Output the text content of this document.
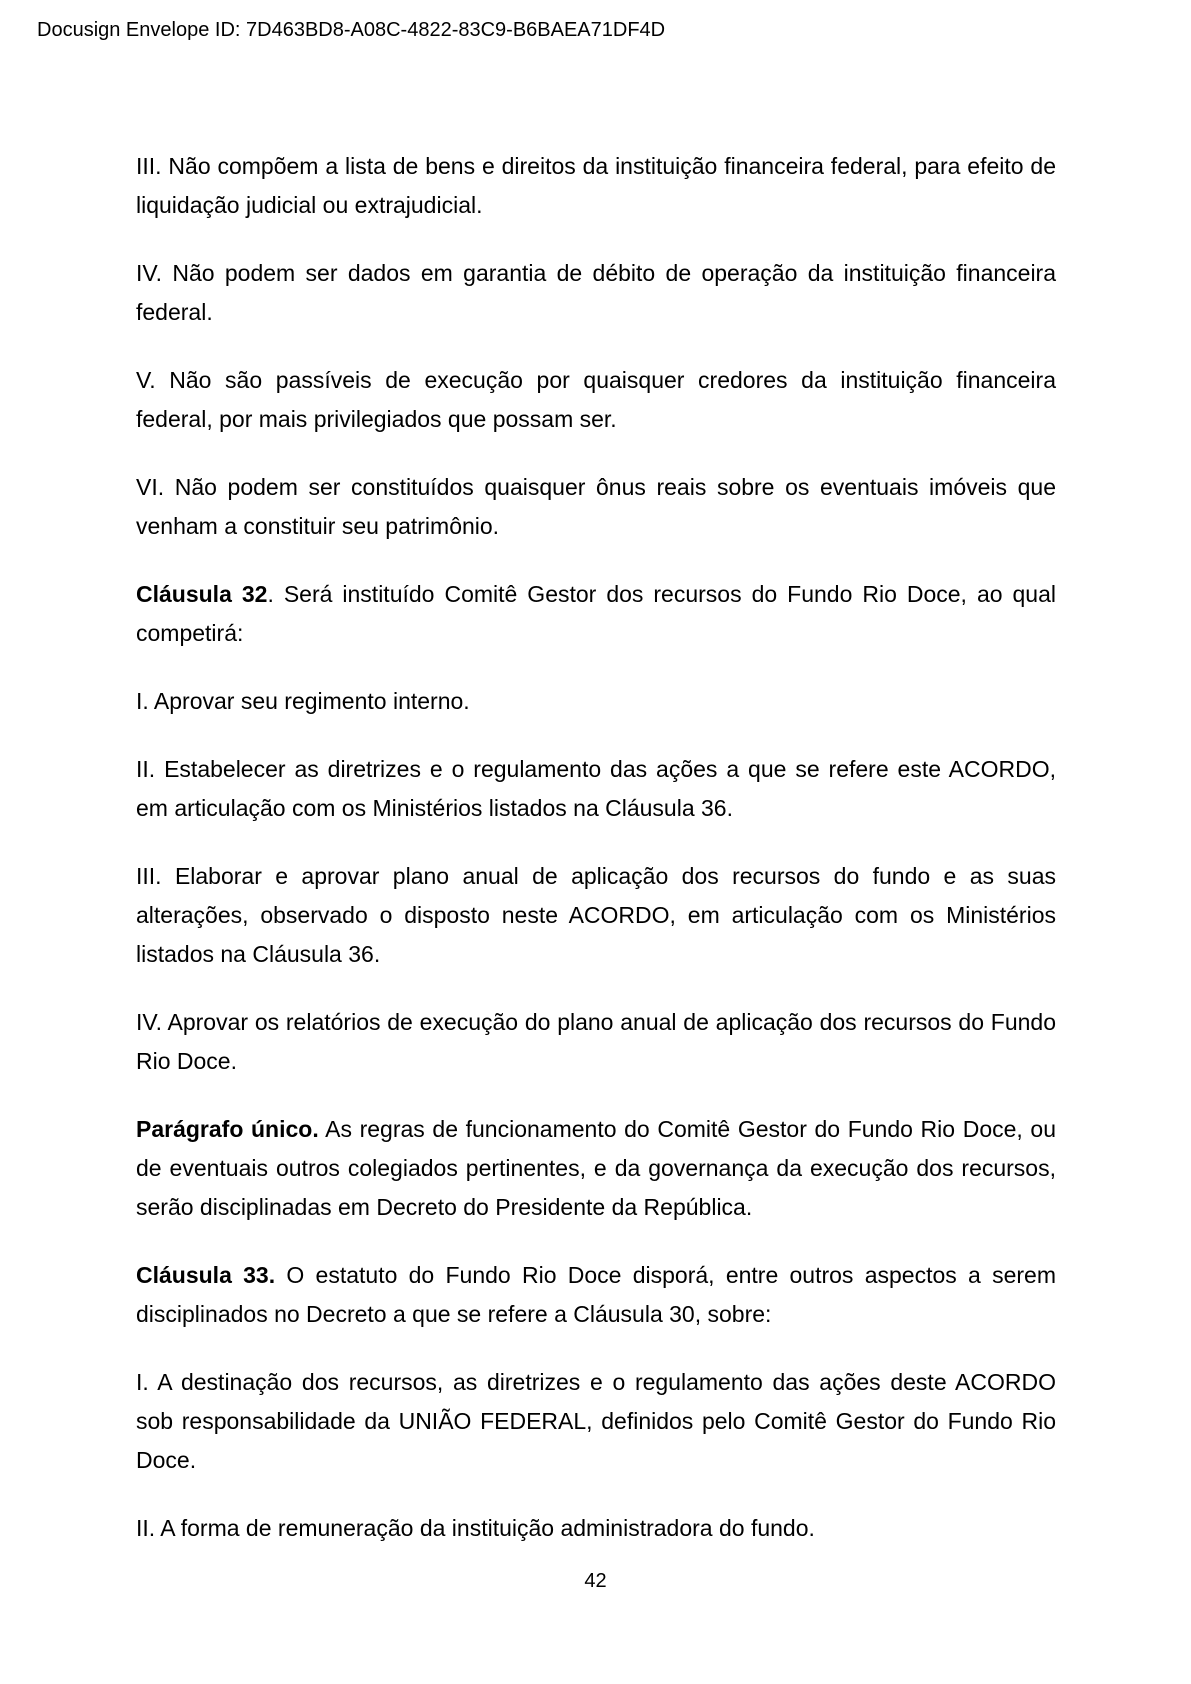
Docusign Envelope ID: 7D463BD8-A08C-4822-83C9-B6BAEA71DF4D

III. Não compõem a lista de bens e direitos da instituição financeira federal, para efeito de liquidação judicial ou extrajudicial.

IV. Não podem ser dados em garantia de débito de operação da instituição financeira federal.

V. Não são passíveis de execução por quaisquer credores da instituição financeira federal, por mais privilegiados que possam ser.

VI. Não podem ser constituídos quaisquer ônus reais sobre os eventuais imóveis que venham a constituir seu patrimônio.

Cláusula 32. Será instituído Comitê Gestor dos recursos do Fundo Rio Doce, ao qual competirá:

I. Aprovar seu regimento interno.

II. Estabelecer as diretrizes e o regulamento das ações a que se refere este ACORDO, em articulação com os Ministérios listados na Cláusula 36.

III. Elaborar e aprovar plano anual de aplicação dos recursos do fundo e as suas alterações, observado o disposto neste ACORDO, em articulação com os Ministérios listados na Cláusula 36.

IV. Aprovar os relatórios de execução do plano anual de aplicação dos recursos do Fundo Rio Doce.

Parágrafo único. As regras de funcionamento do Comitê Gestor do Fundo Rio Doce, ou de eventuais outros colegiados pertinentes, e da governança da execução dos recursos, serão disciplinadas em Decreto do Presidente da República.

Cláusula 33. O estatuto do Fundo Rio Doce disporá, entre outros aspectos a serem disciplinados no Decreto a que se refere a Cláusula 30, sobre:

I. A destinação dos recursos, as diretrizes e o regulamento das ações deste ACORDO sob responsabilidade da UNIÃO FEDERAL, definidos pelo Comitê Gestor do Fundo Rio Doce.

II. A forma de remuneração da instituição administradora do fundo.

42
